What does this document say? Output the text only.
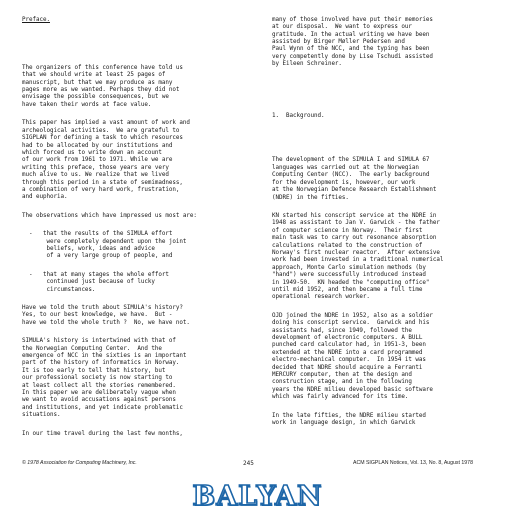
Preface.

The organizers of this conference have told us
that we should write at least 25 pages of
manuscript, but that we may produce as many
pages more as we wanted. Perhaps they did not
envisage the possible consequences, but we
have taken their words at face value.
This paper has implied a vast amount of work and
archeological activities.  We are grateful to
SIGPLAN for defining a task to which resources
had to be allocated by our institutions and
which forced us to write down an account
of our work from 1961 to 1971. While we are
writing this preface, those years are very
much alive to us. We realize that we lived
through this period in a state of semimadness,
a combination of very hard work, frustration,
and euphoria.
The observations which have impressed us most are:
-   that the results of the SIMULA effort
were completely dependent upon the joint
beliefs, work, ideas and advice
of a very large group of people, and
-   that at many stages the whole effort
continued just because of lucky
circumstances.
Have we told the truth about SIMULA's history?
Yes, to our best knowledge, we have.  But -
have we told the whole truth ?  No, we have not.
SIMULA's history is intertwined with that of
the Norwegian Computing Center.  And the
emergence of NCC in the sixties is an important
part of the history of informatics in Norway.
It is too early to tell that history, but
our professional society is now starting to
at least collect all the stories remembered.
In this paper we are deliberately vague when
we want to avoid accusations against persons
and institutions, and yet indicate problematic
situations.
In our time travel during the last few months,

many of those involved have put their memories
at our disposal.  We want to express our
gratitude. In the actual writing we have been
assisted by Birger Møller Pedersen and
Paul Wynn of the NCC, and the typing has been
very competently done by Lise Tschudi assisted
by Eileen Schreiner.

1.  Background.

The development of the SIMULA I and SIMULA 67
languages was carried out at the Norwegian
Computing Center (NCC).  The early background
for the development is, however, our work
at the Norwegian Defence Research Establishment
(NDRE) in the fifties.
KN started his conscript service at the NDRE in
1948 as assistant to Jan V. Garwick - the father
of computer science in Norway.  Their first
main task was to carry out resonance absorption
calculations related to the construction of
Norway's first nuclear reactor.  After extensive
work had been invested in a traditional numerical
approach, Monte Carlo simulation methods (by
"hand") were successfully introduced instead
in 1949-50.  KN headed the "computing office"
until mid 1952, and then became a full time
operational research worker.
OJD joined the NDRE in 1952, also as a soldier
doing his conscript service.  Garwick and his
assistants had, since 1949, followed the
development of electronic computers. A BULL
punched card calculator had, in 1951-3, been
extended at the NDRE into a card programmed
electro-mechanical computer.  In 1954 it was
decided that NDRE should acquire a Ferranti
MERCURY computer, then at the design and
construction stage, and in the following
years the NDRE milieu developed basic software
which was fairly advanced for its time.
In the late fifties, the NDRE milieu started
work in language design, in which Garwick

© 1978 Association for Computing Machinery, Inc.	245	ACM SIGPLAN Notices, Vol. 13, No. 8, August 1978
BALYAN
